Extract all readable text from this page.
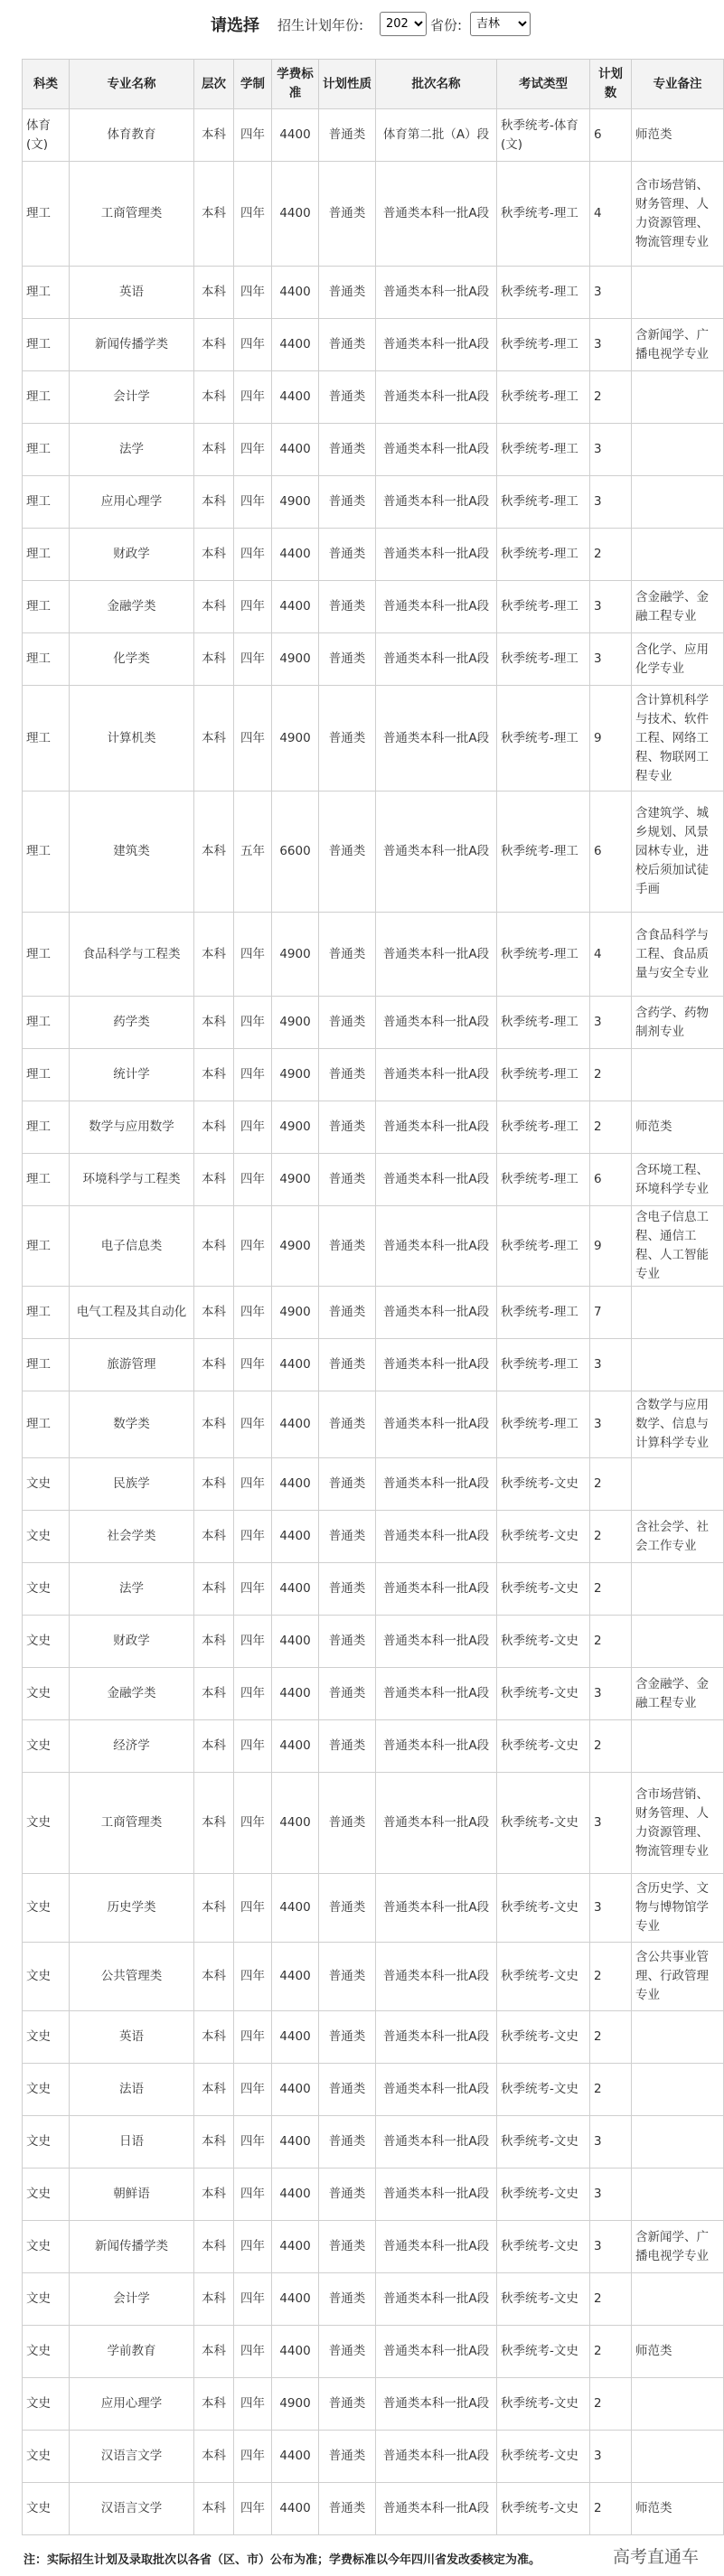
请选择 招生计划年份:
2023	省份:
吉林
科类	专业名称	层次	学制	学费标准	计划性质	批次名称	考试类型	计划数	专业备注
体育(文)	体育教育	本科	四年	4400	普通类	体育第二批（A）段	秋季统考-体育(文)	6	师范类
理工	工商管理类	本科	四年	4400	普通类	普通类本科一批A段	秋季统考-理工	4	含市场营销、财务管理、人力资源管理、物流管理专业
理工	英语	本科	四年	4400	普通类	普通类本科一批A段	秋季统考-理工	3	
理工	新闻传播学类	本科	四年	4400	普通类	普通类本科一批A段	秋季统考-理工	3	含新闻学、广播电视学专业
理工	会计学	本科	四年	4400	普通类	普通类本科一批A段	秋季统考-理工	2	
理工	法学	本科	四年	4400	普通类	普通类本科一批A段	秋季统考-理工	3	
理工	应用心理学	本科	四年	4900	普通类	普通类本科一批A段	秋季统考-理工	3	
理工	财政学	本科	四年	4400	普通类	普通类本科一批A段	秋季统考-理工	2	
理工	金融学类	本科	四年	4400	普通类	普通类本科一批A段	秋季统考-理工	3	含金融学、金融工程专业
理工	化学类	本科	四年	4900	普通类	普通类本科一批A段	秋季统考-理工	3	含化学、应用化学专业
理工	计算机类	本科	四年	4900	普通类	普通类本科一批A段	秋季统考-理工	9	含计算机科学与技术、软件工程、网络工程、物联网工程专业
理工	建筑类	本科	五年	6600	普通类	普通类本科一批A段	秋季统考-理工	6	含建筑学、城乡规划、风景园林专业，进校后须加试徒手画
理工	食品科学与工程类	本科	四年	4900	普通类	普通类本科一批A段	秋季统考-理工	4	含食品科学与工程、食品质量与安全专业
理工	药学类	本科	四年	4900	普通类	普通类本科一批A段	秋季统考-理工	3	含药学、药物制剂专业
理工	统计学	本科	四年	4900	普通类	普通类本科一批A段	秋季统考-理工	2	
理工	数学与应用数学	本科	四年	4900	普通类	普通类本科一批A段	秋季统考-理工	2	师范类
理工	环境科学与工程类	本科	四年	4900	普通类	普通类本科一批A段	秋季统考-理工	6	含环境工程、环境科学专业
理工	电子信息类	本科	四年	4900	普通类	普通类本科一批A段	秋季统考-理工	9	含电子信息工程、通信工程、人工智能专业
理工	电气工程及其自动化	本科	四年	4900	普通类	普通类本科一批A段	秋季统考-理工	7	
理工	旅游管理	本科	四年	4400	普通类	普通类本科一批A段	秋季统考-理工	3	
理工	数学类	本科	四年	4400	普通类	普通类本科一批A段	秋季统考-理工	3	含数学与应用数学、信息与计算科学专业
文史	民族学	本科	四年	4400	普通类	普通类本科一批A段	秋季统考-文史	2	
文史	社会学类	本科	四年	4400	普通类	普通类本科一批A段	秋季统考-文史	2	含社会学、社会工作专业
文史	法学	本科	四年	4400	普通类	普通类本科一批A段	秋季统考-文史	2	
文史	财政学	本科	四年	4400	普通类	普通类本科一批A段	秋季统考-文史	2	
文史	金融学类	本科	四年	4400	普通类	普通类本科一批A段	秋季统考-文史	3	含金融学、金融工程专业
文史	经济学	本科	四年	4400	普通类	普通类本科一批A段	秋季统考-文史	2	
文史	工商管理类	本科	四年	4400	普通类	普通类本科一批A段	秋季统考-文史	3	含市场营销、财务管理、人力资源管理、物流管理专业
文史	历史学类	本科	四年	4400	普通类	普通类本科一批A段	秋季统考-文史	3	含历史学、文物与博物馆学专业
文史	公共管理类	本科	四年	4400	普通类	普通类本科一批A段	秋季统考-文史	2	含公共事业管理、行政管理专业
文史	英语	本科	四年	4400	普通类	普通类本科一批A段	秋季统考-文史	2	
文史	法语	本科	四年	4400	普通类	普通类本科一批A段	秋季统考-文史	2	
文史	日语	本科	四年	4400	普通类	普通类本科一批A段	秋季统考-文史	3	
文史	朝鲜语	本科	四年	4400	普通类	普通类本科一批A段	秋季统考-文史	3	
文史	新闻传播学类	本科	四年	4400	普通类	普通类本科一批A段	秋季统考-文史	3	含新闻学、广播电视学专业
文史	会计学	本科	四年	4400	普通类	普通类本科一批A段	秋季统考-文史	2	
文史	学前教育	本科	四年	4400	普通类	普通类本科一批A段	秋季统考-文史	2	师范类
文史	应用心理学	本科	四年	4900	普通类	普通类本科一批A段	秋季统考-文史	2	
文史	汉语言文学	本科	四年	4400	普通类	普通类本科一批A段	秋季统考-文史	3	
文史	汉语言文学	本科	四年	4400	普通类	普通类本科一批A段	秋季统考-文史	2	师范类
注：实际招生计划及录取批次以各省（区、市）公布为准；学费标准以今年四川省发改委核定为准。	高考直通车
